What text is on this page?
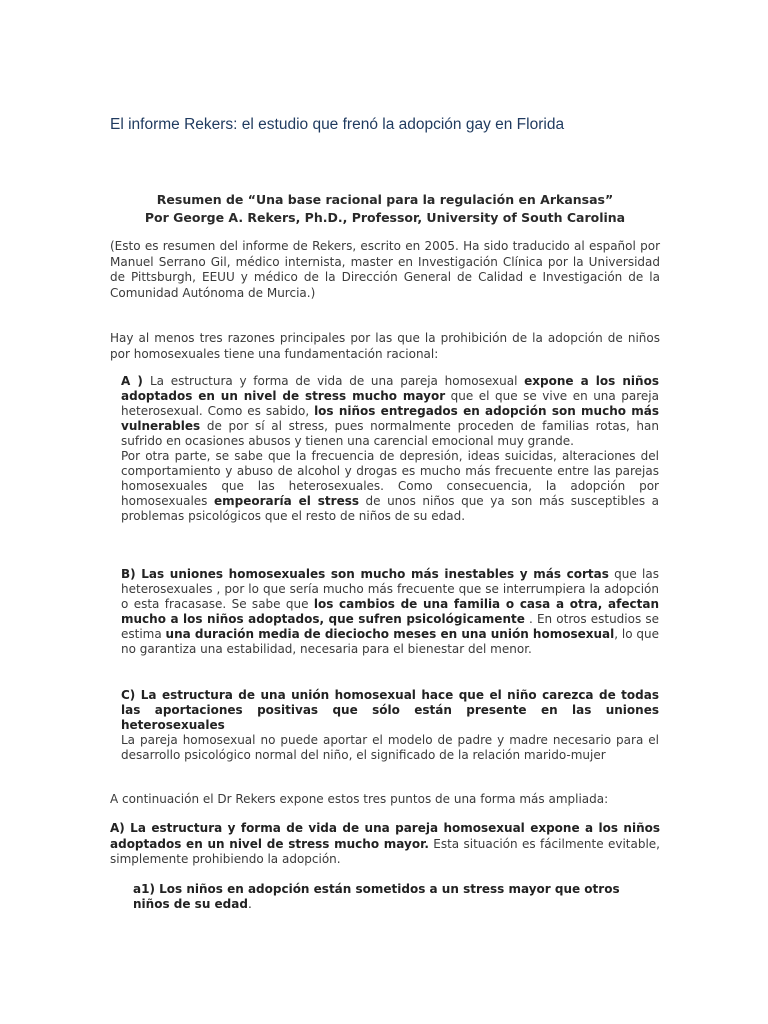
El informe Rekers: el estudio que frenó la adopción gay en Florida
Resumen de “Una base racional para la regulación en Arkansas”
Por George A. Rekers, Ph.D., Professor, University of South Carolina

(Esto es resumen del informe de Rekers, escrito en 2005. Ha sido traducido al español por Manuel Serrano Gil, médico internista, master en Investigación Clínica por la Universidad de Pittsburgh, EEUU y médico de la Dirección General de Calidad e Investigación de la Comunidad Autónoma de Murcia.)

Hay al menos tres razones principales por las que la prohibición de la adopción de niños por homosexuales tiene una fundamentación racional:

A ) La estructura y forma de vida de una pareja homosexual expone a los niños adoptados en un nivel de stress mucho mayor que el que se vive en una pareja heterosexual. Como es sabido, los niños entregados en adopción son mucho más vulnerables de por sí al stress, pues normalmente proceden de familias rotas, han sufrido en ocasiones abusos y tienen una carencial emocional muy grande.

Por otra parte, se sabe que la frecuencia de depresión, ideas suicidas, alteraciones del comportamiento y abuso de alcohol y drogas es mucho más frecuente entre las parejas homosexuales que las heterosexuales. Como consecuencia, la adopción por homosexuales empeoraría el stress de unos niños que ya son más susceptibles a problemas psicológicos que el resto de niños de su edad.

B) Las uniones homosexuales son mucho más inestables y más cortas que las heterosexuales , por lo que sería mucho más frecuente que se interrumpiera la adopción o esta fracasase. Se sabe que los cambios de una familia o casa a otra, afectan mucho a los niños adoptados, que sufren psicológicamente . En otros estudios se estima una duración media de dieciocho meses en una unión homosexual, lo que no garantiza una estabilidad, necesaria para el bienestar del menor.

C) La estructura de una unión homosexual hace que el niño carezca de todas las aportaciones positivas que sólo están presente en las uniones heterosexuales

La pareja homosexual no puede aportar el modelo de padre y madre necesario para el desarrollo psicológico normal del niño, el significado de la relación marido-mujer

A continuación el Dr Rekers expone estos tres puntos de una forma más ampliada:

A) La estructura y forma de vida de una pareja homosexual expone a los niños adoptados en un nivel de stress mucho mayor. Esta situación es fácilmente evitable, simplemente prohibiendo la adopción.

a1) Los niños en adopción están sometidos a un stress mayor que otros niños de su edad.
